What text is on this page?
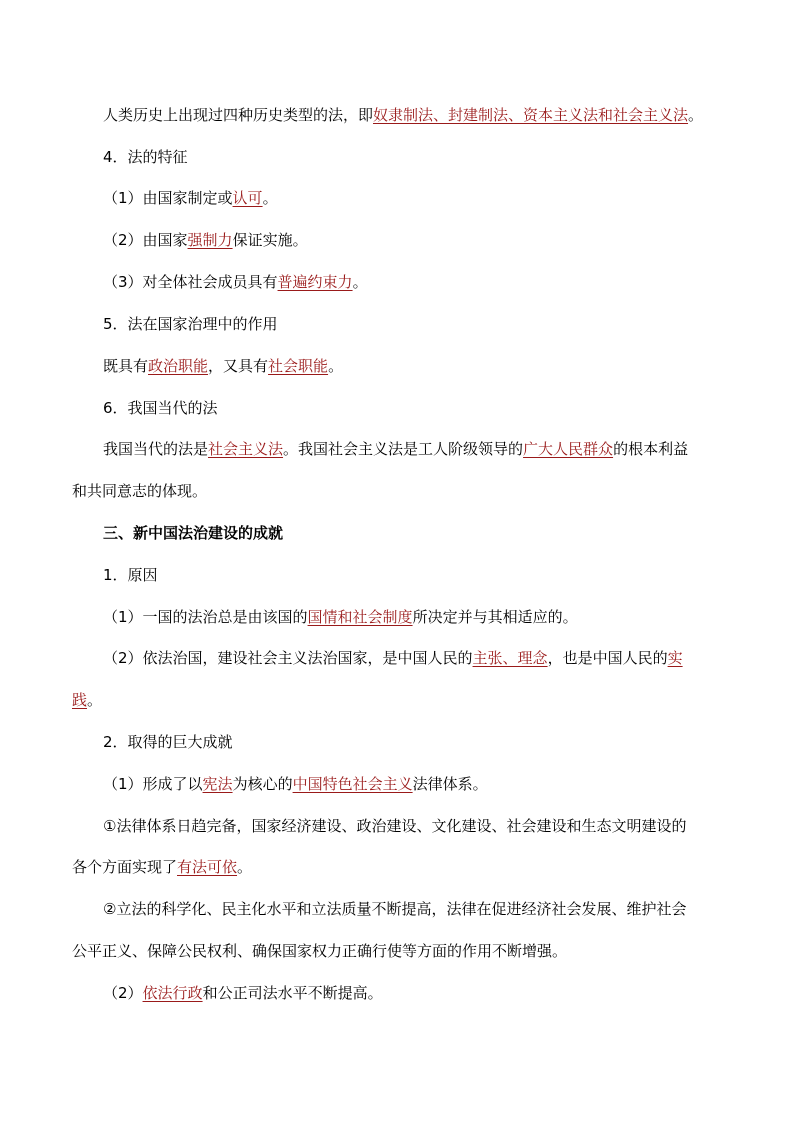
人类历史上出现过四种历史类型的法，即奴隶制法、封建制法、资本主义法和社会主义法。
4．法的特征
（1）由国家制定或认可。
（2）由国家强制力保证实施。
（3）对全体社会成员具有普遍约束力。
5．法在国家治理中的作用
既具有政治职能，又具有社会职能。
6．我国当代的法
我国当代的法是社会主义法。我国社会主义法是工人阶级领导的广大人民群众的根本利益
和共同意志的体现。
三、新中国法治建设的成就
1．原因
（1）一国的法治总是由该国的国情和社会制度所决定并与其相适应的。
（2）依法治国，建设社会主义法治国家，是中国人民的主张、理念，也是中国人民的实
践。
2．取得的巨大成就
（1）形成了以宪法为核心的中国特色社会主义法律体系。
①法律体系日趋完备，国家经济建设、政治建设、文化建设、社会建设和生态文明建设的
各个方面实现了有法可依。
②立法的科学化、民主化水平和立法质量不断提高，法律在促进经济社会发展、维护社会
公平正义、保障公民权利、确保国家权力正确行使等方面的作用不断增强。
（2）依法行政和公正司法水平不断提高。
